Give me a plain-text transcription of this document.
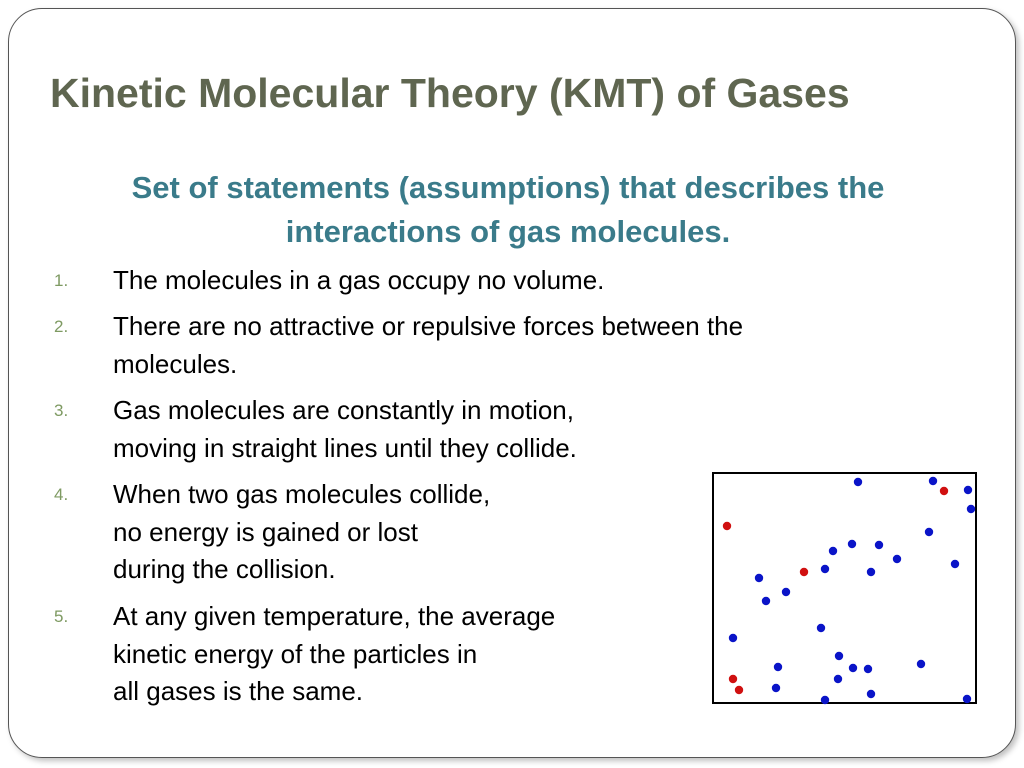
Kinetic Molecular Theory (KMT) of Gases

Set of statements (assumptions) that describes the interactions of gas molecules.

1. The molecules in a gas occupy no volume.
2. There are no attractive or repulsive forces between the
molecules.
3. Gas molecules are constantly in motion,
moving in straight lines until they collide.
4. When two gas molecules collide,
no energy is gained or lost
during the collision.
5. At any given temperature, the average
kinetic energy of the particles in
all gases is the same.
